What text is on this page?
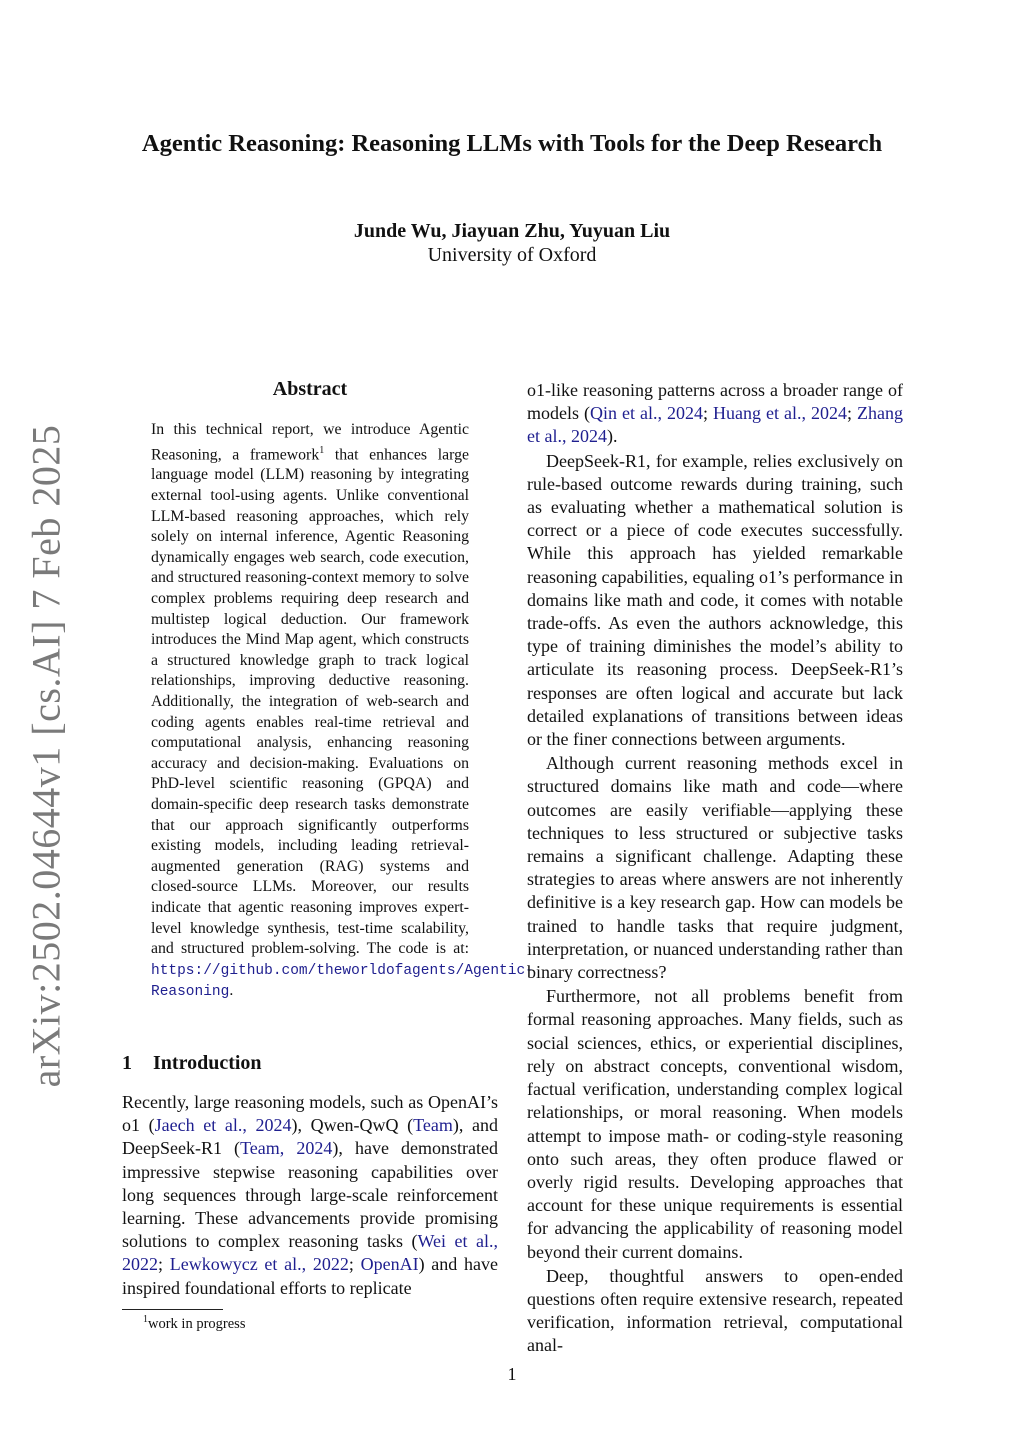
arXiv:2502.04644v1 [cs.AI] 7 Feb 2025
Agentic Reasoning: Reasoning LLMs with Tools for the Deep Research
Junde Wu, Jiayuan Zhu, Yuyuan Liu
University of Oxford
Abstract
In this technical report, we introduce Agentic Reasoning, a framework$^1$ that enhances large language model (LLM) reasoning by integrating external tool-using agents. Unlike conventional LLM-based reasoning approaches, which rely solely on internal inference, Agentic Reasoning dynamically engages web search, code execution, and structured reasoning-context memory to solve complex problems requiring deep research and multistep logical deduction. Our framework introduces the Mind Map agent, which constructs a structured knowledge graph to track logical relationships, improving deductive reasoning. Additionally, the integration of web-search and coding agents enables real-time retrieval and computational analysis, enhancing reasoning accuracy and decision-making. Evaluations on PhD-level scientific reasoning (GPQA) and domain-specific deep research tasks demonstrate that our approach significantly outperforms existing models, including leading retrieval-augmented generation (RAG) systems and closed-source LLMs. Moreover, our results indicate that agentic reasoning improves expert-level knowledge synthesis, test-time scalability, and structured problem-solving. The code is at: https://github.com/theworldofagents/Agentic-Reasoning.
1 Introduction
Recently, large reasoning models, such as OpenAI’s o1 (Jaech et al., 2024), Qwen-QwQ (Team), and DeepSeek-R1 (Team, 2024), have demonstrated impressive stepwise reasoning capabilities over long sequences through large-scale reinforcement learning. These advancements provide promising solutions to complex reasoning tasks (Wei et al., 2022; Lewkowycz et al., 2022; OpenAI) and have inspired foundational efforts to replicate
$^1$work in progress

o1-like reasoning patterns across a broader range of models (Qin et al., 2024; Huang et al., 2024; Zhang et al., 2024).

DeepSeek-R1, for example, relies exclusively on rule-based outcome rewards during training, such as evaluating whether a mathematical solution is correct or a piece of code executes successfully. While this approach has yielded remarkable reasoning capabilities, equaling o1’s performance in domains like math and code, it comes with notable trade-offs. As even the authors acknowledge, this type of training diminishes the model’s ability to articulate its reasoning process. DeepSeek-R1’s responses are often logical and accurate but lack detailed explanations of transitions between ideas or the finer connections between arguments.

Although current reasoning methods excel in structured domains like math and code—where outcomes are easily verifiable—applying these techniques to less structured or subjective tasks remains a significant challenge. Adapting these strategies to areas where answers are not inherently definitive is a key research gap. How can models be trained to handle tasks that require judgment, interpretation, or nuanced understanding rather than binary correctness?

Furthermore, not all problems benefit from formal reasoning approaches. Many fields, such as social sciences, ethics, or experiential disciplines, rely on abstract concepts, conventional wisdom, factual verification, understanding complex logical relationships, or moral reasoning. When models attempt to impose math- or coding-style reasoning onto such areas, they often produce flawed or overly rigid results. Developing approaches that account for these unique requirements is essential for advancing the applicability of reasoning model beyond their current domains.

Deep, thoughtful answers to open-ended questions often require extensive research, repeated verification, information retrieval, computational anal-

1
